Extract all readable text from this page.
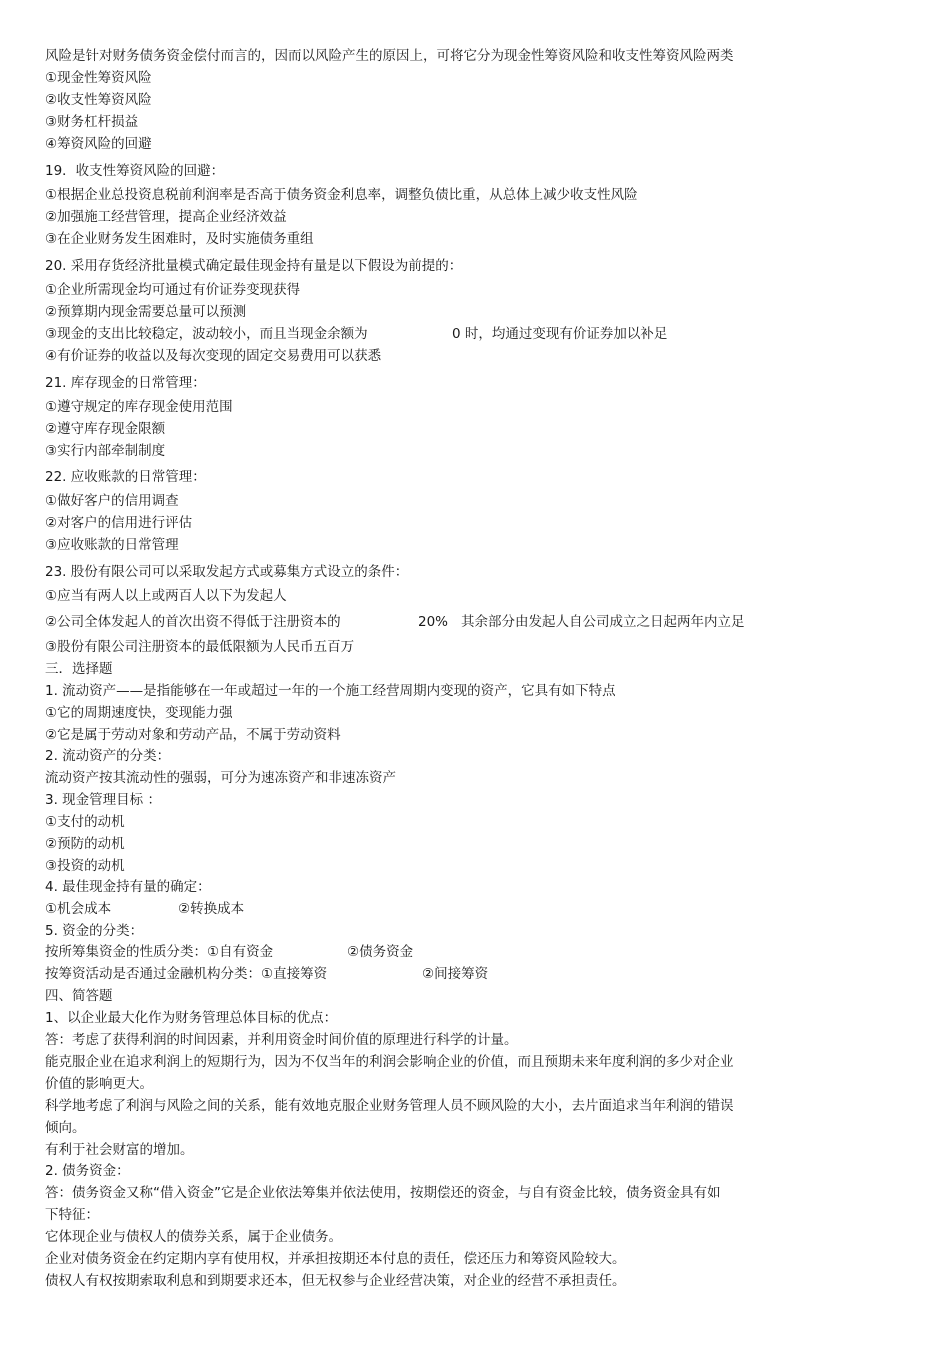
风险是针对财务债务资金偿付而言的，因而以风险产生的原因上，可将它分为现金性筹资风险和收支性筹资风险两类
①现金性筹资风险
②收支性筹资风险
③财务杠杆损益
④筹资风险的回避
19．收支性筹资风险的回避：
①根据企业总投资息税前利润率是否高于债务资金利息率，调整负债比重，从总体上减少收支性风险
②加强施工经营管理，提高企业经济效益
③在企业财务发生困难时，及时实施债务重组
20. 采用存货经济批量模式确定最佳现金持有量是以下假设为前提的：
①企业所需现金均可通过有价证券变现获得
②预算期内现金需要总量可以预测
③现金的支出比较稳定，波动较小，而且当现金余额为	0 时，均通过变现有价证券加以补足
④有价证券的收益以及每次变现的固定交易费用可以获悉
21. 库存现金的日常管理：
①遵守规定的库存现金使用范围
②遵守库存现金限额
③实行内部牵制制度
22. 应收账款的日常管理：
①做好客户的信用调查
②对客户的信用进行评估
③应收账款的日常管理
23. 股份有限公司可以采取发起方式或募集方式设立的条件：
①应当有两人以上或两百人以下为发起人
②公司全体发起人的首次出资不得低于注册资本的	20% 其余部分由发起人自公司成立之日起两年内立足
③股份有限公司注册资本的最低限额为人民币五百万
三．选择题
1. 流动资产——是指能够在一年或超过一年的一个施工经营周期内变现的资产，它具有如下特点
①它的周期速度快，变现能力强
②它是属于劳动对象和劳动产品，不属于劳动资料
2. 流动资产的分类：
流动资产按其流动性的强弱，可分为速冻资产和非速冻资产
3. 现金管理目标 ：
①支付的动机
②预防的动机
③投资的动机
4. 最佳现金持有量的确定：
①机会成本	②转换成本
5. 资金的分类：
按所筹集资金的性质分类：①自有资金	②债务资金
按筹资活动是否通过金融机构分类：①直接筹资	②间接筹资
四、简答题
1、以企业最大化作为财务管理总体目标的优点：
答：考虑了获得利润的时间因素，并利用资金时间价值的原理进行科学的计量。
能克服企业在追求利润上的短期行为，因为不仅当年的利润会影响企业的价值，而且预期未来年度利润的多少对企业
价值的影响更大。
科学地考虑了利润与风险之间的关系，能有效地克服企业财务管理人员不顾风险的大小，去片面追求当年利润的错误
倾向。
有利于社会财富的增加。
2. 债务资金：
答：债务资金又称“借入资金”它是企业依法筹集并依法使用，按期偿还的资金，与自有资金比较，债务资金具有如
下特征：
它体现企业与债权人的债券关系，属于企业债务。
企业对债务资金在约定期内享有使用权，并承担按期还本付息的责任，偿还压力和筹资风险较大。
债权人有权按期索取利息和到期要求还本，但无权参与企业经营决策，对企业的经营不承担责任。
